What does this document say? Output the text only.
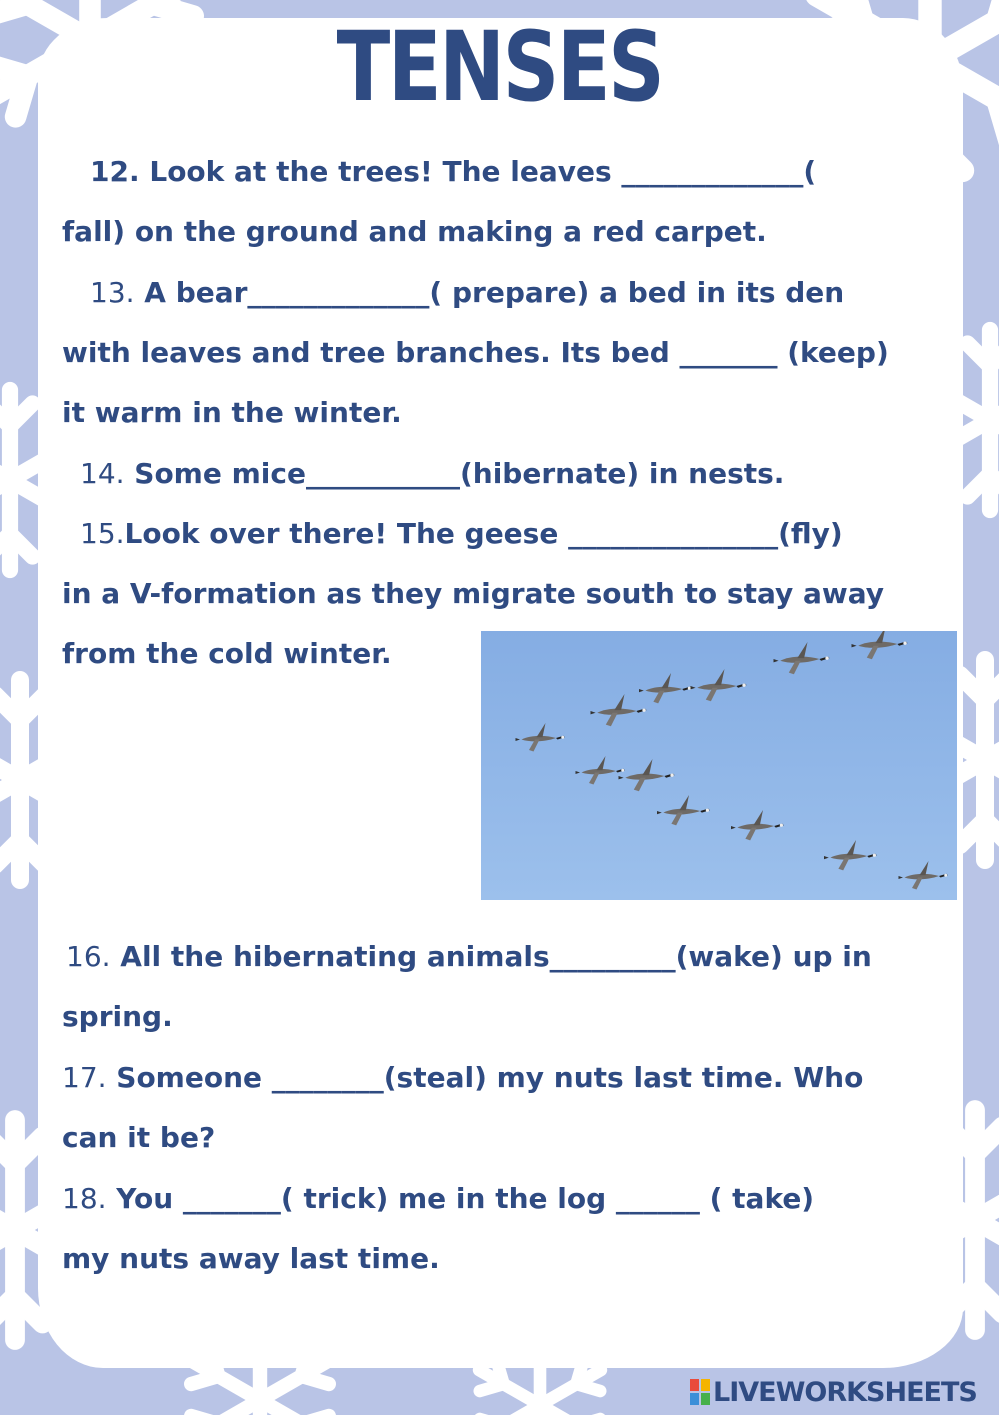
TENSES
12. Look at the trees! The leaves _____________(
fall) on the ground and making a red carpet.
13. A bear_____________( prepare) a bed in its den
with leaves and tree branches. Its bed _______ (keep)
it warm in the winter.
14. Some mice___________(hibernate) in nests.
15.Look over there! The geese _______________(fly)
in a V-formation as they migrate south to stay away
from the cold winter.
16. All the hibernating animals_________(wake) up in
spring.
17. Someone ________(steal) my nuts last time. Who
can it be?
18. You _______( trick) me in the log ______ ( take)
my nuts away last time.
LIVEWORKSHEETS
